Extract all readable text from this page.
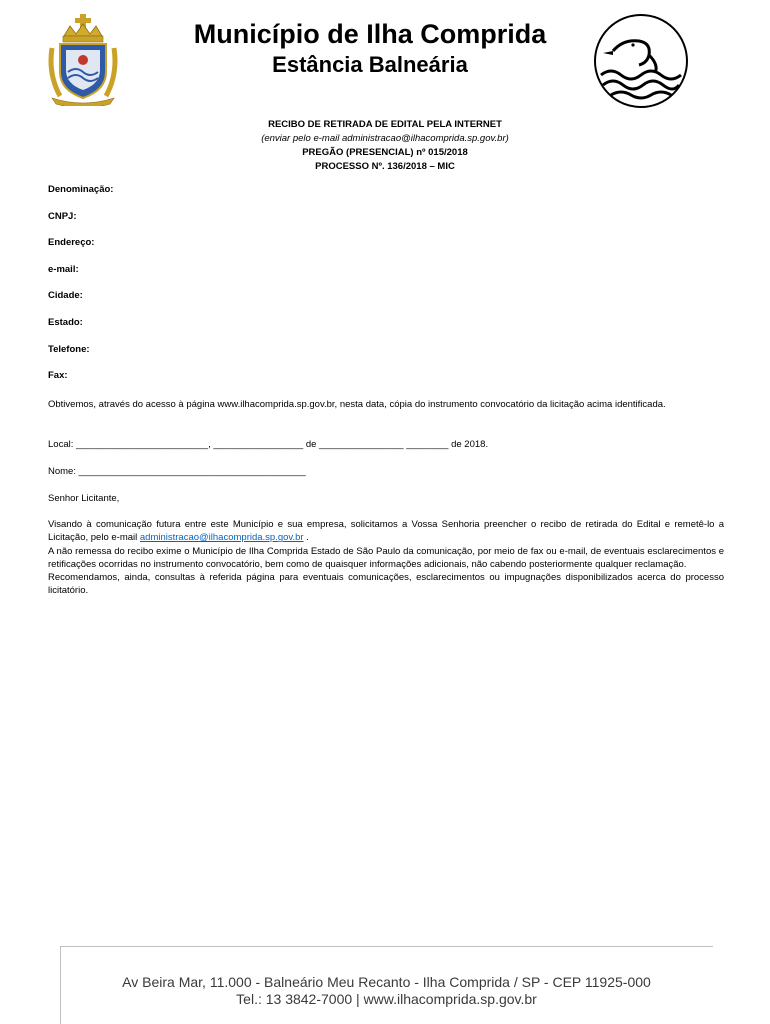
Município de Ilha Comprida
Estância Balneária
RECIBO DE RETIRADA DE EDITAL PELA INTERNET
(enviar pelo e-mail administracao@ilhacomprida.sp.gov.br)
PREGÃO (PRESENCIAL) nº 015/2018
PROCESSO Nº. 136/2018 – MIC
Denominação:
CNPJ:
Endereço:
e-mail:
Cidade:
Estado:
Telefone:
Fax:
Obtivemos, através do acesso à página www.ilhacomprida.sp.gov.br, nesta data, cópia do instrumento convocatório da licitação acima identificada.
Local: _________________________, _________________ de ________________ ________ de 2018.
Nome: ___________________________________________
Senhor Licitante,
Visando à comunicação futura entre este Município e sua empresa, solicitamos a Vossa Senhoria preencher o recibo de retirada do Edital e remetê-lo a Licitação, pelo e-mail administracao@ilhacomprida.sp.gov.br .
A não remessa do recibo exime o Município de Ilha Comprida Estado de São Paulo da comunicação, por meio de fax ou e-mail, de eventuais esclarecimentos e retificações ocorridas no instrumento convocatório, bem como de quaisquer informações adicionais, não cabendo posteriormente qualquer reclamação.
Recomendamos, ainda, consultas à referida página para eventuais comunicações, esclarecimentos ou impugnações disponibilizados acerca do processo licitatório.
Av Beira Mar, 11.000 - Balneário Meu Recanto - Ilha Comprida / SP - CEP 11925-000
Tel.: 13 3842-7000 | www.ilhacomprida.sp.gov.br
